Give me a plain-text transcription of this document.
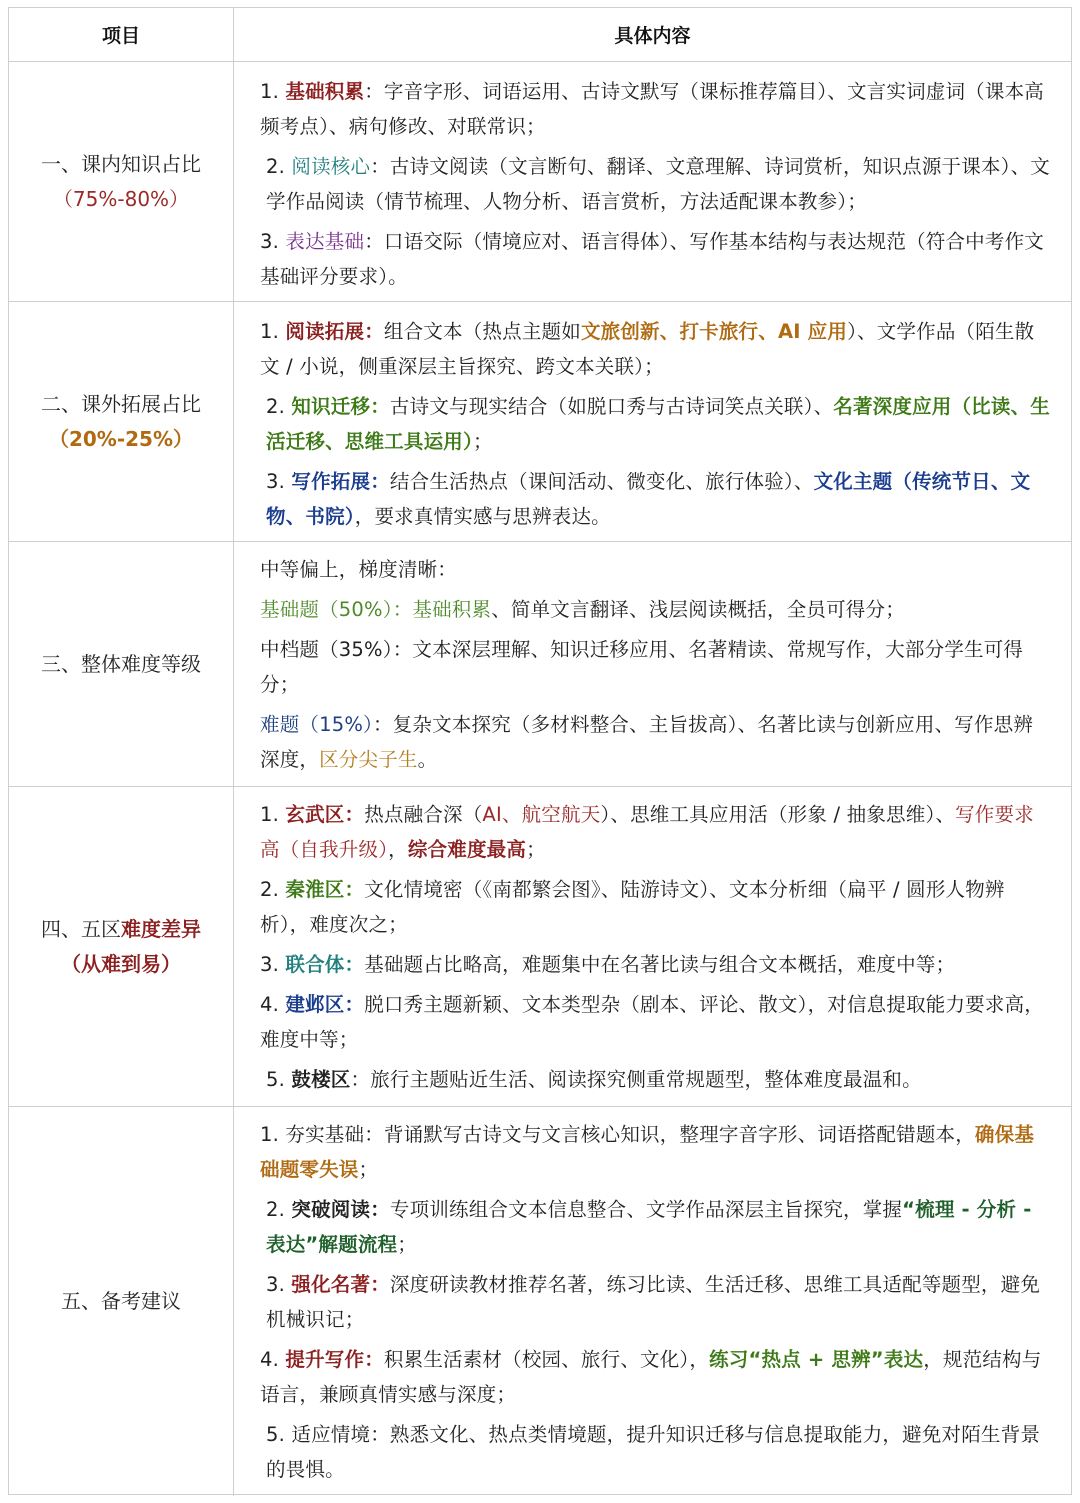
项目	具体内容
一、课内知识占比
（75%-80%）

1. 基础积累：字音字形、词语运用、古诗文默写（课标推荐篇目）、文言实词虚词（课本高频考点）、病句修改、对联常识；

2. 阅读核心：古诗文阅读（文言断句、翻译、文意理解、诗词赏析，知识点源于课本）、文学作品阅读（情节梳理、人物分析、语言赏析，方法适配课本教参）；

3. 表达基础：口语交际（情境应对、语言得体）、写作基本结构与表达规范（符合中考作文基础评分要求）。

二、课外拓展占比
（20%-25%）

1. 阅读拓展：组合文本（热点主题如文旅创新、打卡旅行、AI 应用）、文学作品（陌生散文 / 小说，侧重深层主旨探究、跨文本关联）；

2. 知识迁移：古诗文与现实结合（如脱口秀与古诗词笑点关联）、名著深度应用（比读、生活迁移、思维工具运用）；

3. 写作拓展：结合生活热点（课间活动、微变化、旅行体验）、文化主题（传统节日、文物、书院），要求真情实感与思辨表达。

三、整体难度等级

中等偏上，梯度清晰：

基础题（50%）：基础积累、简单文言翻译、浅层阅读概括，全员可得分；

中档题（35%）：文本深层理解、知识迁移应用、名著精读、常规写作，大部分学生可得分；

难题（15%）：复杂文本探究（多材料整合、主旨拔高）、名著比读与创新应用、写作思辨深度，区分尖子生。

四、五区难度差异
（从难到易）

1. 玄武区：热点融合深（AI、航空航天）、思维工具应用活（形象 / 抽象思维）、写作要求高（自我升级），综合难度最高；

2. 秦淮区：文化情境密（《南都繁会图》、陆游诗文）、文本分析细（扁平 / 圆形人物辨析），难度次之；

3. 联合体：基础题占比略高，难题集中在名著比读与组合文本概括，难度中等；

4. 建邺区：脱口秀主题新颖、文本类型杂（剧本、评论、散文），对信息提取能力要求高，难度中等；

5. 鼓楼区：旅行主题贴近生活、阅读探究侧重常规题型，整体难度最温和。

五、备考建议

1. 夯实基础：背诵默写古诗文与文言核心知识，整理字音字形、词语搭配错题本，确保基础题零失误；

2. 突破阅读：专项训练组合文本信息整合、文学作品深层主旨探究，掌握“梳理 - 分析 - 表达”解题流程；

3. 强化名著：深度研读教材推荐名著，练习比读、生活迁移、思维工具适配等题型，避免机械识记；

4. 提升写作：积累生活素材（校园、旅行、文化），练习“热点 + 思辨”表达，规范结构与语言，兼顾真情实感与深度；

5. 适应情境：熟悉文化、热点类情境题，提升知识迁移与信息提取能力，避免对陌生背景的畏惧。
